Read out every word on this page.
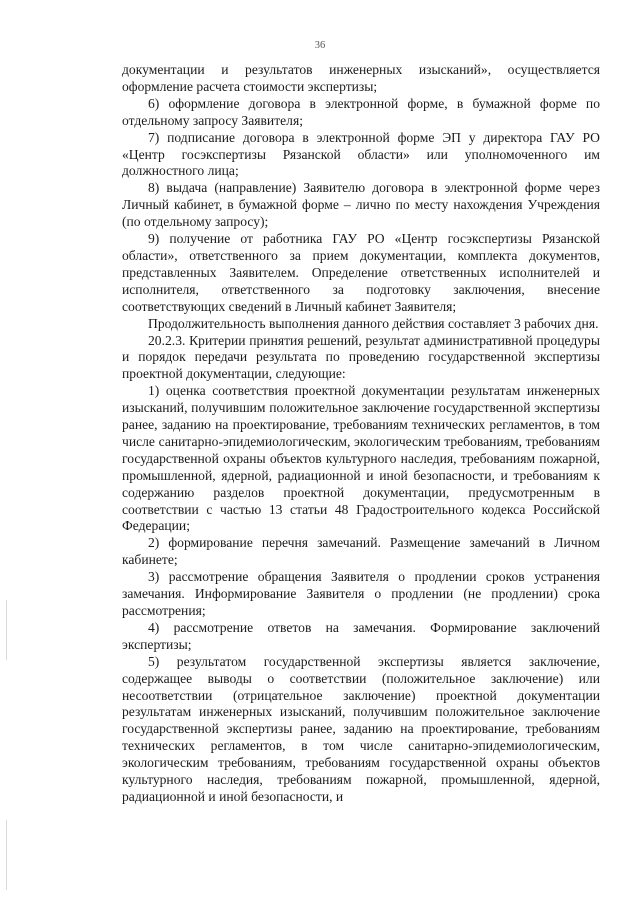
36

документации и результатов инженерных изысканий», осуществляется оформление расчета стоимости экспертизы;

6) оформление договора в электронной форме, в бумажной форме по отдельному запросу Заявителя;

7) подписание договора в электронной форме ЭП у директора ГАУ РО «Центр госэкспертизы Рязанской области» или уполномоченного им должностного лица;

8) выдача (направление) Заявителю договора в электронной форме через Личный кабинет, в бумажной форме – лично по месту нахождения Учреждения (по отдельному запросу);

9) получение от работника ГАУ РО «Центр госэкспертизы Рязанской области», ответственного за прием документации, комплекта документов, представленных Заявителем. Определение ответственных исполнителей и исполнителя, ответственного за подготовку заключения, внесение соответствующих сведений в Личный кабинет Заявителя;

Продолжительность выполнения данного действия составляет 3 рабочих дня.

20.2.3. Критерии принятия решений, результат административной процедуры и порядок передачи результата по проведению государственной экспертизы проектной документации, следующие:

1) оценка соответствия проектной документации результатам инженерных изысканий, получившим положительное заключение государственной экспертизы ранее, заданию на проектирование, требованиям технических регламентов, в том числе санитарно-эпидемиологическим, экологическим требованиям, требованиям государственной охраны объектов культурного наследия, требованиям пожарной, промышленной, ядерной, радиационной и иной безопасности, и требованиям к содержанию разделов проектной документации, предусмотренным в соответствии с частью 13 статьи 48 Градостроительного кодекса Российской Федерации;

2) формирование перечня замечаний. Размещение замечаний в Личном кабинете;

3) рассмотрение обращения Заявителя о продлении сроков устранения замечания. Информирование Заявителя о продлении (не продлении) срока рассмотрения;

4) рассмотрение ответов на замечания. Формирование заключений экспертизы;

5) результатом государственной экспертизы является заключение, содержащее выводы о соответствии (положительное заключение) или несоответствии (отрицательное заключение) проектной документации результатам инженерных изысканий, получившим положительное заключение государственной экспертизы ранее, заданию на проектирование, требованиям технических регламентов, в том числе санитарно-эпидемиологическим, экологическим требованиям, требованиям государственной охраны объектов культурного наследия, требованиям пожарной, промышленной, ядерной, радиационной и иной безопасности, и
